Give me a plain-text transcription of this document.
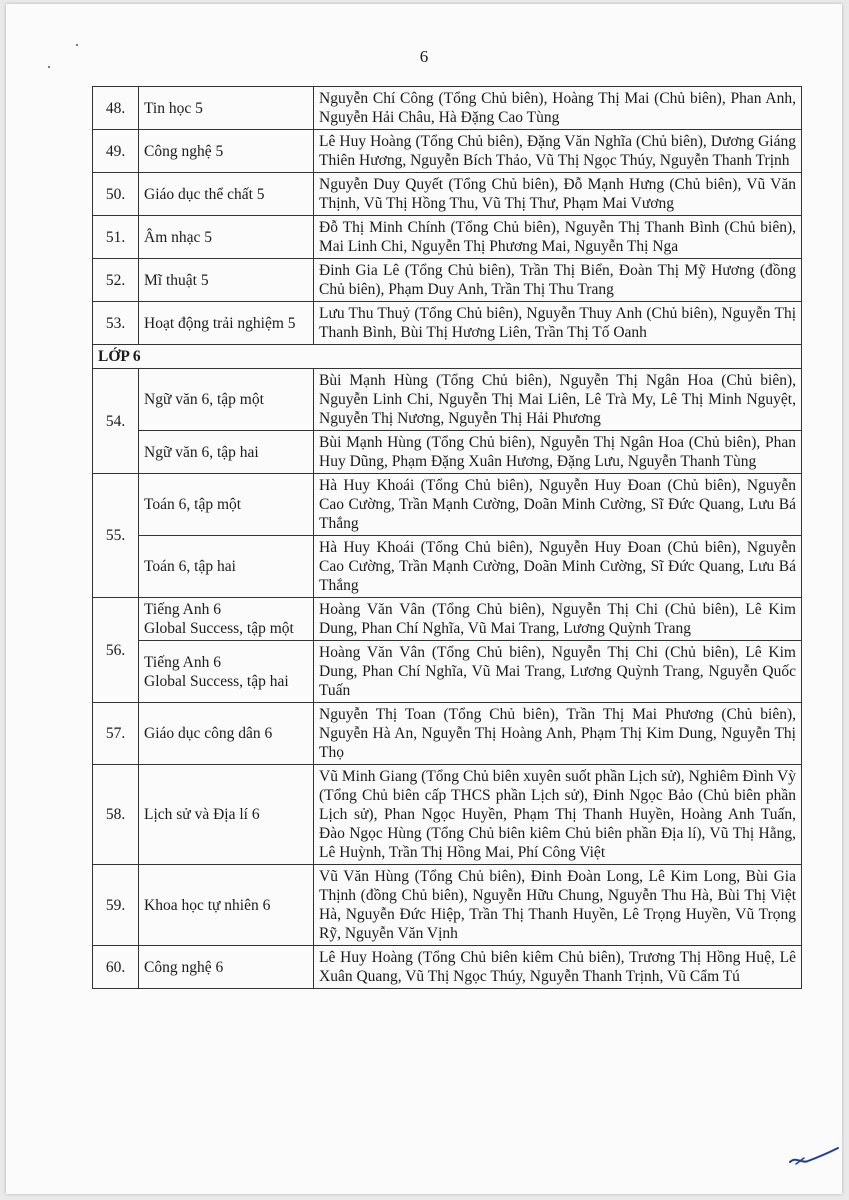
6
48.	Tin học 5	Nguyễn Chí Công (Tổng Chủ biên), Hoàng Thị Mai (Chủ biên), Phan Anh, Nguyễn Hải Châu, Hà Đặng Cao Tùng
49.	Công nghệ 5	Lê Huy Hoàng (Tổng Chủ biên), Đặng Văn Nghĩa (Chủ biên), Dương Giáng Thiên Hương, Nguyễn Bích Thảo, Vũ Thị Ngọc Thúy, Nguyễn Thanh Trịnh
50.	Giáo dục thể chất 5	Nguyễn Duy Quyết (Tổng Chủ biên), Đỗ Mạnh Hưng (Chủ biên), Vũ Văn Thịnh, Vũ Thị Hồng Thu, Vũ Thị Thư, Phạm Mai Vương
51.	Âm nhạc 5	Đỗ Thị Minh Chính (Tổng Chủ biên), Nguyễn Thị Thanh Bình (Chủ biên), Mai Linh Chi, Nguyễn Thị Phương Mai, Nguyễn Thị Nga
52.	Mĩ thuật 5	Đinh Gia Lê (Tổng Chủ biên), Trần Thị Biển, Đoàn Thị Mỹ Hương (đồng Chủ biên), Phạm Duy Anh, Trần Thị Thu Trang
53.	Hoạt động trải nghiệm 5	Lưu Thu Thuỷ (Tổng Chủ biên), Nguyễn Thuy Anh (Chủ biên), Nguyễn Thị Thanh Bình, Bùi Thị Hương Liên, Trần Thị Tố Oanh
LỚP 6		
54.	Ngữ văn 6, tập một	Bùi Mạnh Hùng (Tổng Chủ biên), Nguyễn Thị Ngân Hoa (Chủ biên), Nguyễn Linh Chi, Nguyễn Thị Mai Liên, Lê Trà My, Lê Thị Minh Nguyệt, Nguyễn Thị Nương, Nguyễn Thị Hải Phương

	Ngữ văn 6, tập hai	Bùi Mạnh Hùng (Tổng Chủ biên), Nguyễn Thị Ngân Hoa (Chủ biên), Phan Huy Dũng, Phạm Đặng Xuân Hương, Đặng Lưu, Nguyễn Thanh Tùng
55.	Toán 6, tập một	Hà Huy Khoái (Tổng Chủ biên), Nguyễn Huy Đoan (Chủ biên), Nguyễn Cao Cường, Trần Mạnh Cường, Doãn Minh Cường, Sĩ Đức Quang, Lưu Bá Thắng

	Toán 6, tập hai	Hà Huy Khoái (Tổng Chủ biên), Nguyễn Huy Đoan (Chủ biên), Nguyễn Cao Cường, Trần Mạnh Cường, Doãn Minh Cường, Sĩ Đức Quang, Lưu Bá Thắng
56.	Tiếng Anh 6
Global Success, tập một	Hoàng Văn Vân (Tổng Chủ biên), Nguyễn Thị Chi (Chủ biên), Lê Kim Dung, Phan Chí Nghĩa, Vũ Mai Trang, Lương Quỳnh Trang

	Tiếng Anh 6
Global Success, tập hai	Hoàng Văn Vân (Tổng Chủ biên), Nguyễn Thị Chi (Chủ biên), Lê Kim Dung, Phan Chí Nghĩa, Vũ Mai Trang, Lương Quỳnh Trang, Nguyễn Quốc Tuấn
57.	Giáo dục công dân 6	Nguyễn Thị Toan (Tổng Chủ biên), Trần Thị Mai Phương (Chủ biên), Nguyễn Hà An, Nguyễn Thị Hoàng Anh, Phạm Thị Kim Dung, Nguyễn Thị Thọ
58.	Lịch sử và Địa lí 6	Vũ Minh Giang (Tổng Chủ biên xuyên suốt phần Lịch sử), Nghiêm Đình Vỳ (Tổng Chủ biên cấp THCS phần Lịch sử), Đinh Ngọc Bảo (Chủ biên phần Lịch sử), Phan Ngọc Huyền, Phạm Thị Thanh Huyền, Hoàng Anh Tuấn, Đào Ngọc Hùng (Tổng Chủ biên kiêm Chủ biên phần Địa lí), Vũ Thị Hằng, Lê Huỳnh, Trần Thị Hồng Mai, Phí Công Việt
59.	Khoa học tự nhiên 6	Vũ Văn Hùng (Tổng Chủ biên), Đinh Đoàn Long, Lê Kim Long, Bùi Gia Thịnh (đồng Chủ biên), Nguyễn Hữu Chung, Nguyễn Thu Hà, Bùi Thị Việt Hà, Nguyễn Đức Hiệp, Trần Thị Thanh Huyền, Lê Trọng Huyền, Vũ Trọng Rỹ, Nguyễn Văn Vịnh
60.	Công nghệ 6	Lê Huy Hoàng (Tổng Chủ biên kiêm Chủ biên), Trương Thị Hồng Huệ, Lê Xuân Quang, Vũ Thị Ngọc Thúy, Nguyễn Thanh Trịnh, Vũ Cẩm Tú
